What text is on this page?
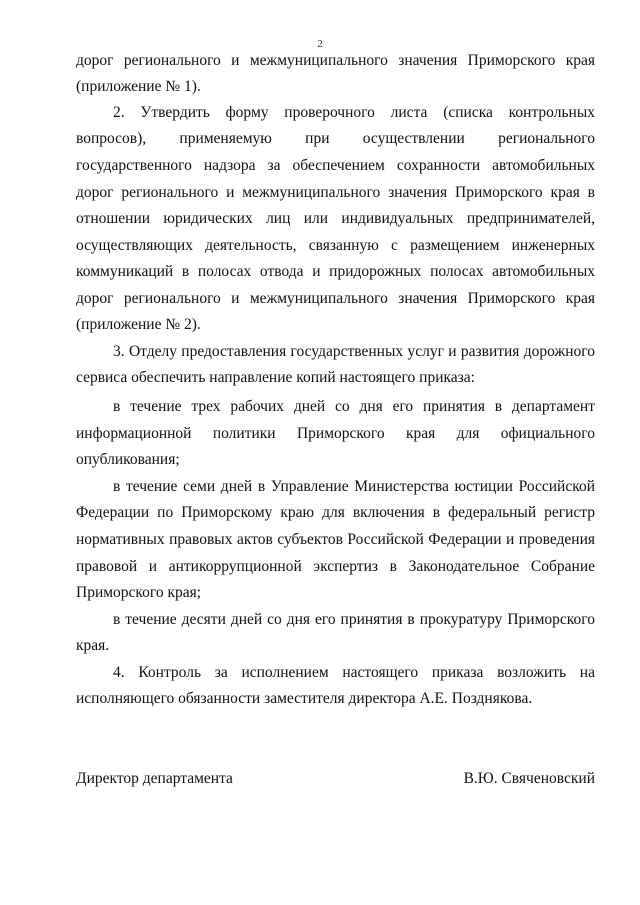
2
дорог регионального и межмуниципального значения Приморского края
(приложение № 1).
2. Утвердить форму проверочного листа (списка контрольных
вопросов), применяемую при осуществлении регионального
государственного надзора за обеспечением сохранности автомобильных
дорог регионального и межмуниципального значения Приморского края в
отношении юридических лиц или индивидуальных предпринимателей,
осуществляющих деятельность, связанную с размещением инженерных
коммуникаций в полосах отвода и придорожных полосах автомобильных
дорог регионального и межмуниципального значения Приморского края
(приложение № 2).
3. Отделу предоставления государственных услуг и развития дорожного
сервиса обеспечить направление копий настоящего приказа:
в течение трех рабочих дней со дня его принятия в департамент
информационной политики Приморского края для официального
опубликования;
в течение семи дней в Управление Министерства юстиции Российской
Федерации по Приморскому краю для включения в федеральный регистр
нормативных правовых актов субъектов Российской Федерации и проведения
правовой и антикоррупционной экспертиз в Законодательное Собрание
Приморского края;
в течение десяти дней со дня его принятия в прокуратуру Приморского
края.
4. Контроль за исполнением настоящего приказа возложить на
исполняющего обязанности заместителя директора А.Е. Позднякова.
Директор департамента	В.Ю. Свяченовский
